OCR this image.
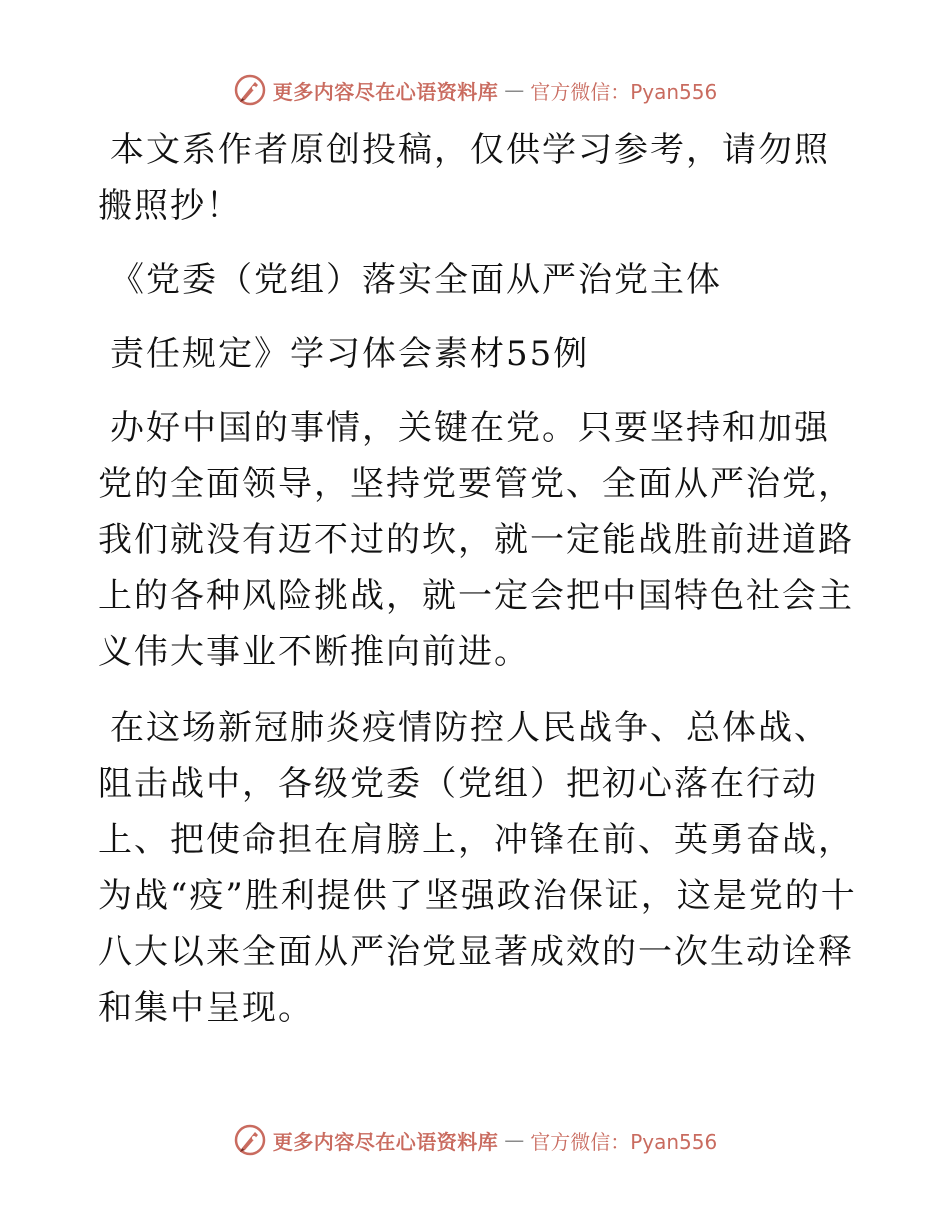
更多内容尽在心语资料库 — 官方微信：Pyan556

本文系作者原创投稿，仅供学习参考，请勿照搬照抄！

《党委（党组）落实全面从严治党主体

责任规定》学习体会素材55例

办好中国的事情，关键在党。只要坚持和加强党的全面领导，坚持党要管党、全面从严治党，我们就没有迈不过的坎，就一定能战胜前进道路上的各种风险挑战，就一定会把中国特色社会主义伟大事业不断推向前进。

在这场新冠肺炎疫情防控人民战争、总体战、阻击战中，各级党委（党组）把初心落在行动上、把使命担在肩膀上，冲锋在前、英勇奋战，为战“疫”胜利提供了坚强政治保证，这是党的十八大以来全面从严治党显著成效的一次生动诠释和集中呈现。

更多内容尽在心语资料库 — 官方微信：Pyan556
